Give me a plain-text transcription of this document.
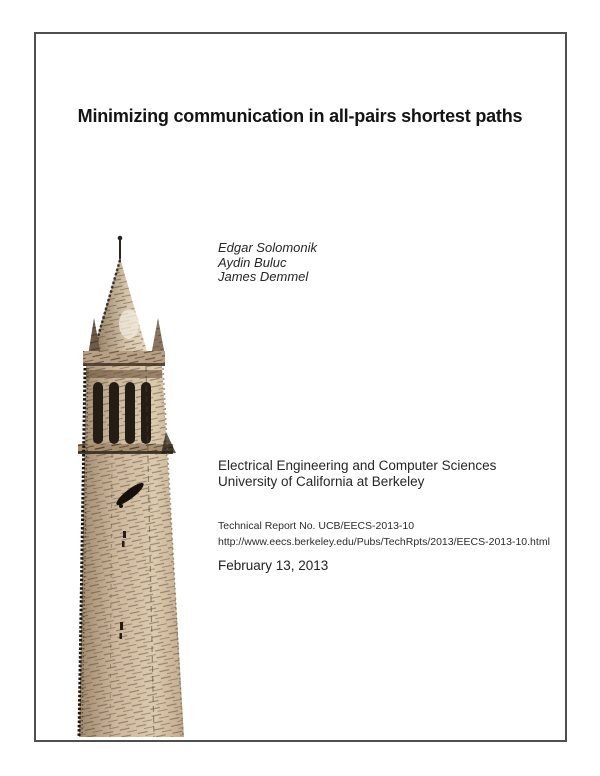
Minimizing communication in all-pairs shortest paths
Edgar Solomonik
Aydin Buluc
James Demmel
Electrical Engineering and Computer Sciences
University of California at Berkeley
Technical Report No. UCB/EECS-2013-10
http://www.eecs.berkeley.edu/Pubs/TechRpts/2013/EECS-2013-10.html
February 13, 2013
